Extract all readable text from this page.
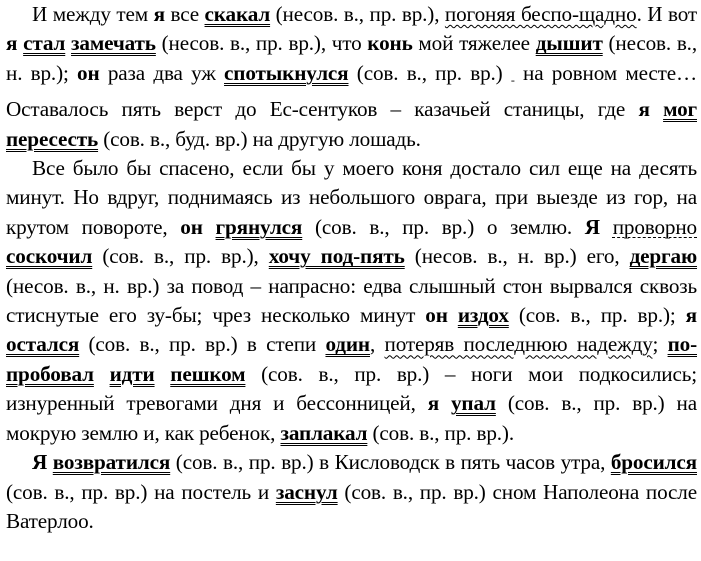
И между тем я все скакал (несов. в., пр. вр.), погоняя беспо-щадно. И вот я стал замечать (несов. в., пр. вр.), что конь мой тяжелее дышит (несов. в., н. вр.); он раза два уж спотыкнулся (сов. в., пр. вр.) - на ровном месте… Оставалось пять верст до Ес-сентуков – казачьей станицы, где я мог пересесть (сов. в., буд. вр.) на другую лошадь.

Все было бы спасено, если бы у моего коня достало сил еще на десять минут. Но вдруг, поднимаясь из небольшого оврага, при выезде из гор, на крутом повороте, он грянулся (сов. в., пр. вр.) о землю. Я проворно соскочил (сов. в., пр. вр.), хочу под-пять (несов. в., н. вр.) его, дергаю (несов. в., н. вр.) за повод – напрасно: едва слышный стон вырвался сквозь стиснутые его зу-бы; чрез несколько минут он издох (сов. в., пр. вр.); я остался (сов. в., пр. вр.) в степи один, потеряв последнюю надежду; по-пробовал идти пешком (сов. в., пр. вр.) – ноги мои подкосились; изнуренный тревогами дня и бессонницей, я упал (сов. в., пр. вр.) на мокрую землю и, как ребенок, заплакал (сов. в., пр. вр.).

Я возвратился (сов. в., пр. вр.) в Кисловодск в пять часов утра, бросился (сов. в., пр. вр.) на постель и заснул (сов. в., пр. вр.) сном Наполеона после Ватерлоо.
